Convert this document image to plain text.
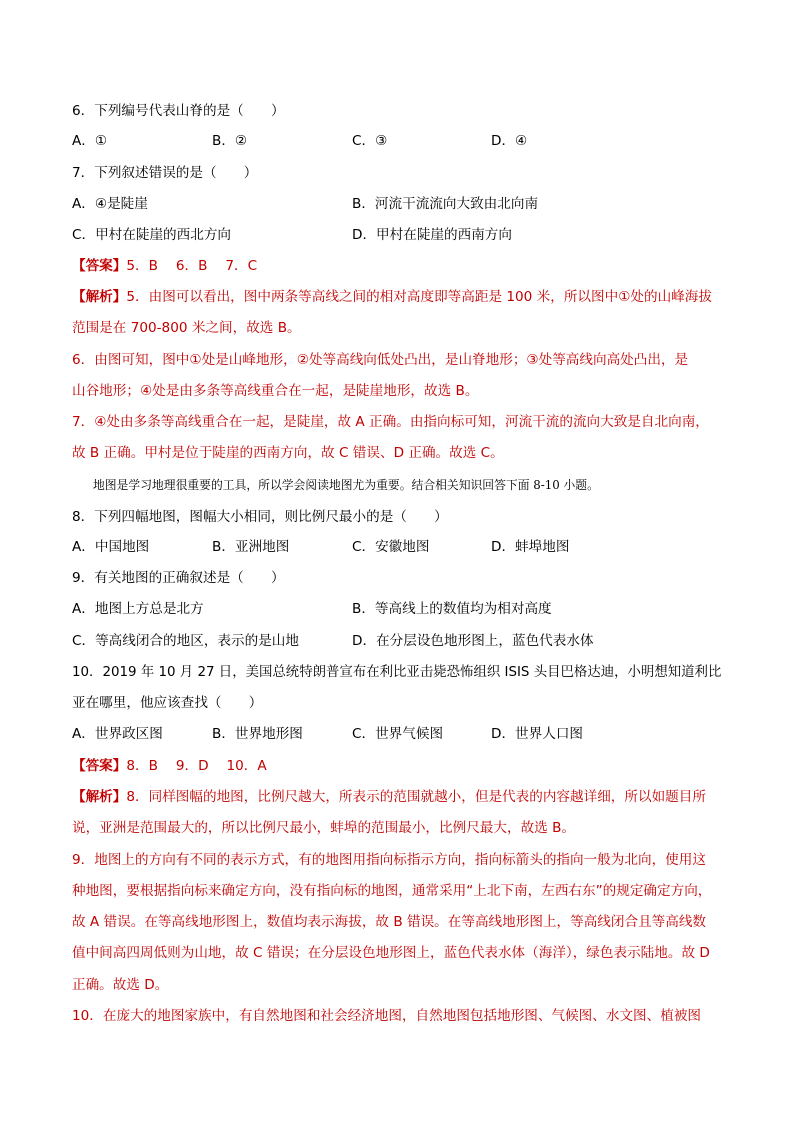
6．下列编号代表山脊的是（　　）
A．①	B．②	C．③	D．④
7．下列叙述错误的是（　　）
A．④是陡崖	B．河流干流流向大致由北向南
C．甲村在陡崖的西北方向	D．甲村在陡崖的西南方向
【答案】5．B　 6．B　 7．C
【解析】5．由图可以看出，图中两条等高线之间的相对高度即等高距是 100 米，所以图中①处的山峰海拔
范围是在 700-800 米之间，故选 B。
6．由图可知，图中①处是山峰地形，②处等高线向低处凸出，是山脊地形；③处等高线向高处凸出，是
山谷地形；④处是由多条等高线重合在一起，是陡崖地形，故选 B。
7．④处由多条等高线重合在一起，是陡崖，故 A 正确。由指向标可知，河流干流的流向大致是自北向南，
故 B 正确。甲村是位于陡崖的西南方向，故 C 错误、D 正确。故选 C。
地图是学习地理很重要的工具，所以学会阅读地图尤为重要。结合相关知识回答下面 8-10 小题。
8．下列四幅地图，图幅大小相同，则比例尺最小的是（　　）
A．中国地图	B．亚洲地图	C．安徽地图	D．蚌埠地图
9．有关地图的正确叙述是（　　）
A．地图上方总是北方	B．等高线上的数值均为相对高度
C．等高线闭合的地区，表示的是山地	D．在分层设色地形图上，蓝色代表水体
10．2019 年 10 月 27 日，美国总统特朗普宣布在利比亚击毙恐怖组织 ISIS 头目巴格达迪，小明想知道利比
亚在哪里，他应该查找（　　）
A．世界政区图	B．世界地形图	C．世界气候图	D．世界人口图
【答案】8．B　 9．D　 10．A
【解析】8．同样图幅的地图，比例尺越大，所表示的范围就越小，但是代表的内容越详细，所以如题目所
说，亚洲是范围最大的，所以比例尺最小，蚌埠的范围最小，比例尺最大，故选 B。
9．地图上的方向有不同的表示方式，有的地图用指向标指示方向，指向标箭头的指向一般为北向，使用这
种地图，要根据指向标来确定方向，没有指向标的地图，通常采用“上北下南，左西右东”的规定确定方向，
故 A 错误。在等高线地形图上，数值均表示海拔，故 B 错误。在等高线地形图上，等高线闭合且等高线数
值中间高四周低则为山地，故 C 错误；在分层设色地形图上，蓝色代表水体（海洋），绿色表示陆地。故 D
正确。故选 D。
10．在庞大的地图家族中，有自然地图和社会经济地图，自然地图包括地形图、气候图、水文图、植被图
